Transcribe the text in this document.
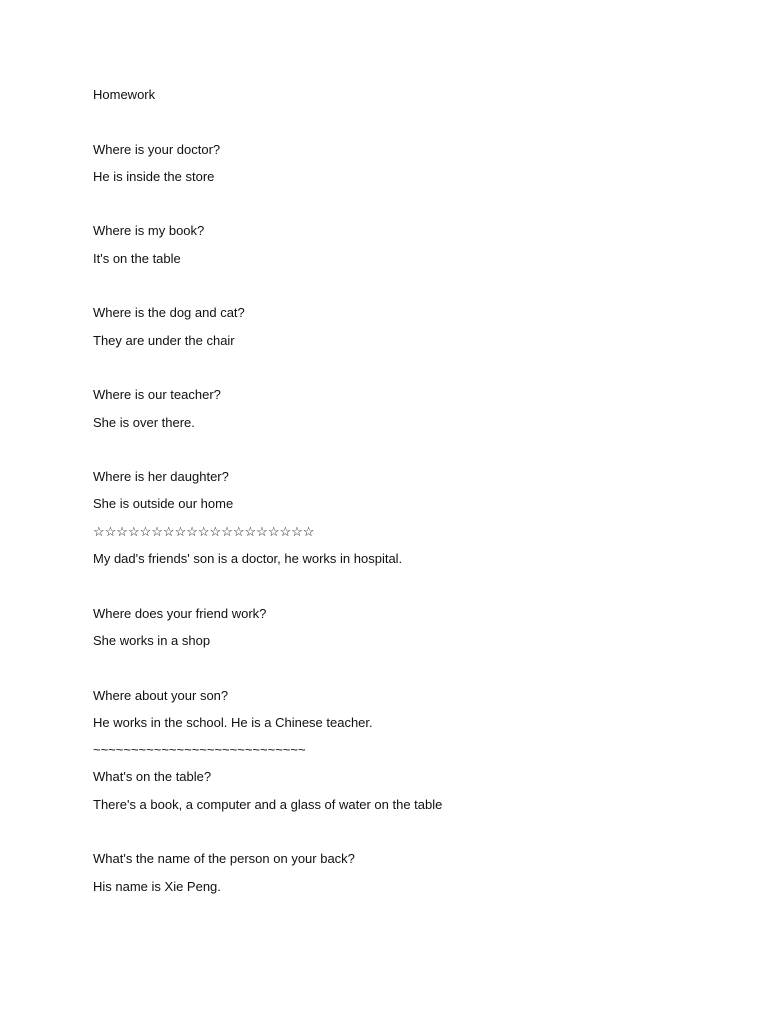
Homework
Where is your doctor?
He is inside the store
Where is my book?
It's on the table
Where is the dog and cat?
They are under the chair
Where is our teacher?
She is over there.
Where is her daughter?
She is outside our home
☆☆☆☆☆☆☆☆☆☆☆☆☆☆☆☆☆☆☆
My dad's friends' son is a doctor, he works in hospital.
Where does your friend work?
She works in a shop
Where about your son?
He works in the school. He is a Chinese teacher.
~~~~~~~~~~~~~~~~~~~~~~~~~~~~
What's on the table?
There's a book, a computer and a glass of water on the table
What's the name of the person on your back?
His name is Xie Peng.
